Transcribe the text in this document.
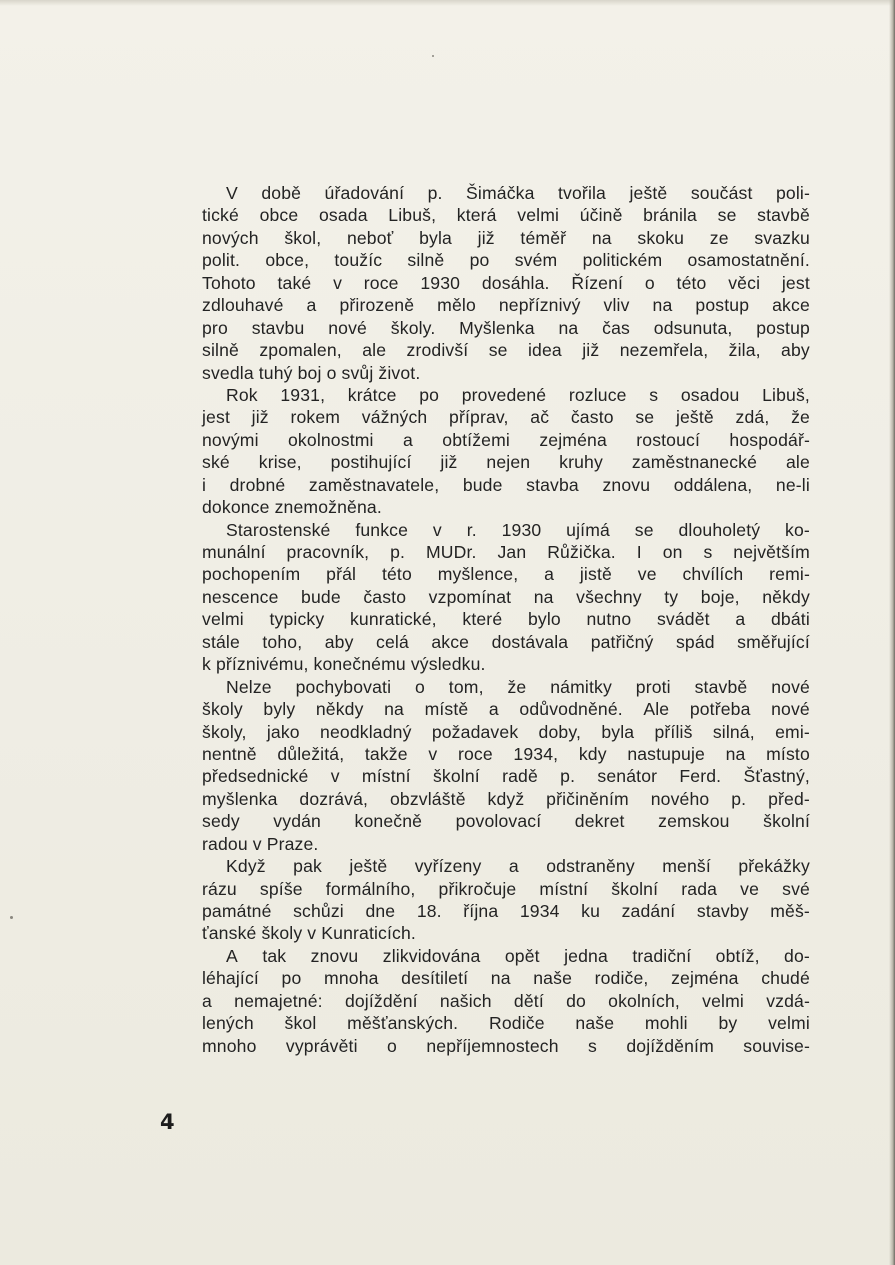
V době úřadování p. Šimáčka tvořila ještě součást poli-
tické obce osada Libuš, která velmi účině bránila se stavbě
nových škol, neboť byla již téměř na skoku ze svazku
polit. obce, toužíc silně po svém politickém osamostatnění.
Tohoto také v roce 1930 dosáhla. Řízení o této věci jest
zdlouhavé a přirozeně mělo nepříznivý vliv na postup akce
pro stavbu nové školy. Myšlenka na čas odsunuta, postup
silně zpomalen, ale zrodivší se idea již nezemřela, žila, aby
svedla tuhý boj o svůj život.
Rok 1931, krátce po provedené rozluce s osadou Libuš,
jest již rokem vážných příprav, ač často se ještě zdá, že
novými okolnostmi a obtížemi zejména rostoucí hospodář-
ské krise, postihující již nejen kruhy zaměstnanecké ale
i drobné zaměstnavatele, bude stavba znovu oddálena, ne-li
dokonce znemožněna.
Starostenské funkce v r. 1930 ujímá se dlouholetý ko-
munální pracovník, p. MUDr. Jan Růžička. I on s největším
pochopením přál této myšlence, a jistě ve chvílích remi-
nescence bude často vzpomínat na všechny ty boje, někdy
velmi typicky kunratické, které bylo nutno svádět a dbáti
stále toho, aby celá akce dostávala patřičný spád směřující
k příznivému, konečnému výsledku.
Nelze pochybovati o tom, že námitky proti stavbě nové
školy byly někdy na místě a odůvodněné. Ale potřeba nové
školy, jako neodkladný požadavek doby, byla příliš silná, emi-
nentně důležitá, takže v roce 1934, kdy nastupuje na místo
předsednické v místní školní radě p. senátor Ferd. Šťastný,
myšlenka dozrává, obzvláště když přičiněním nového p. před-
sedy vydán konečně povolovací dekret zemskou školní
radou v Praze.
Když pak ještě vyřízeny a odstraněny menší překážky
rázu spíše formálního, přikročuje místní školní rada ve své
památné schůzi dne 18. října 1934 ku zadání stavby měš-
ťanské školy v Kunraticích.
A tak znovu zlikvidována opět jedna tradiční obtíž, do-
léhající po mnoha desítiletí na naše rodiče, zejména chudé
a nemajetné: dojíždění našich dětí do okolních, velmi vzdá-
lených škol měšťanských. Rodiče naše mohli by velmi
mnoho vyprávěti o nepříjemnostech s dojížděním souvise-
4
